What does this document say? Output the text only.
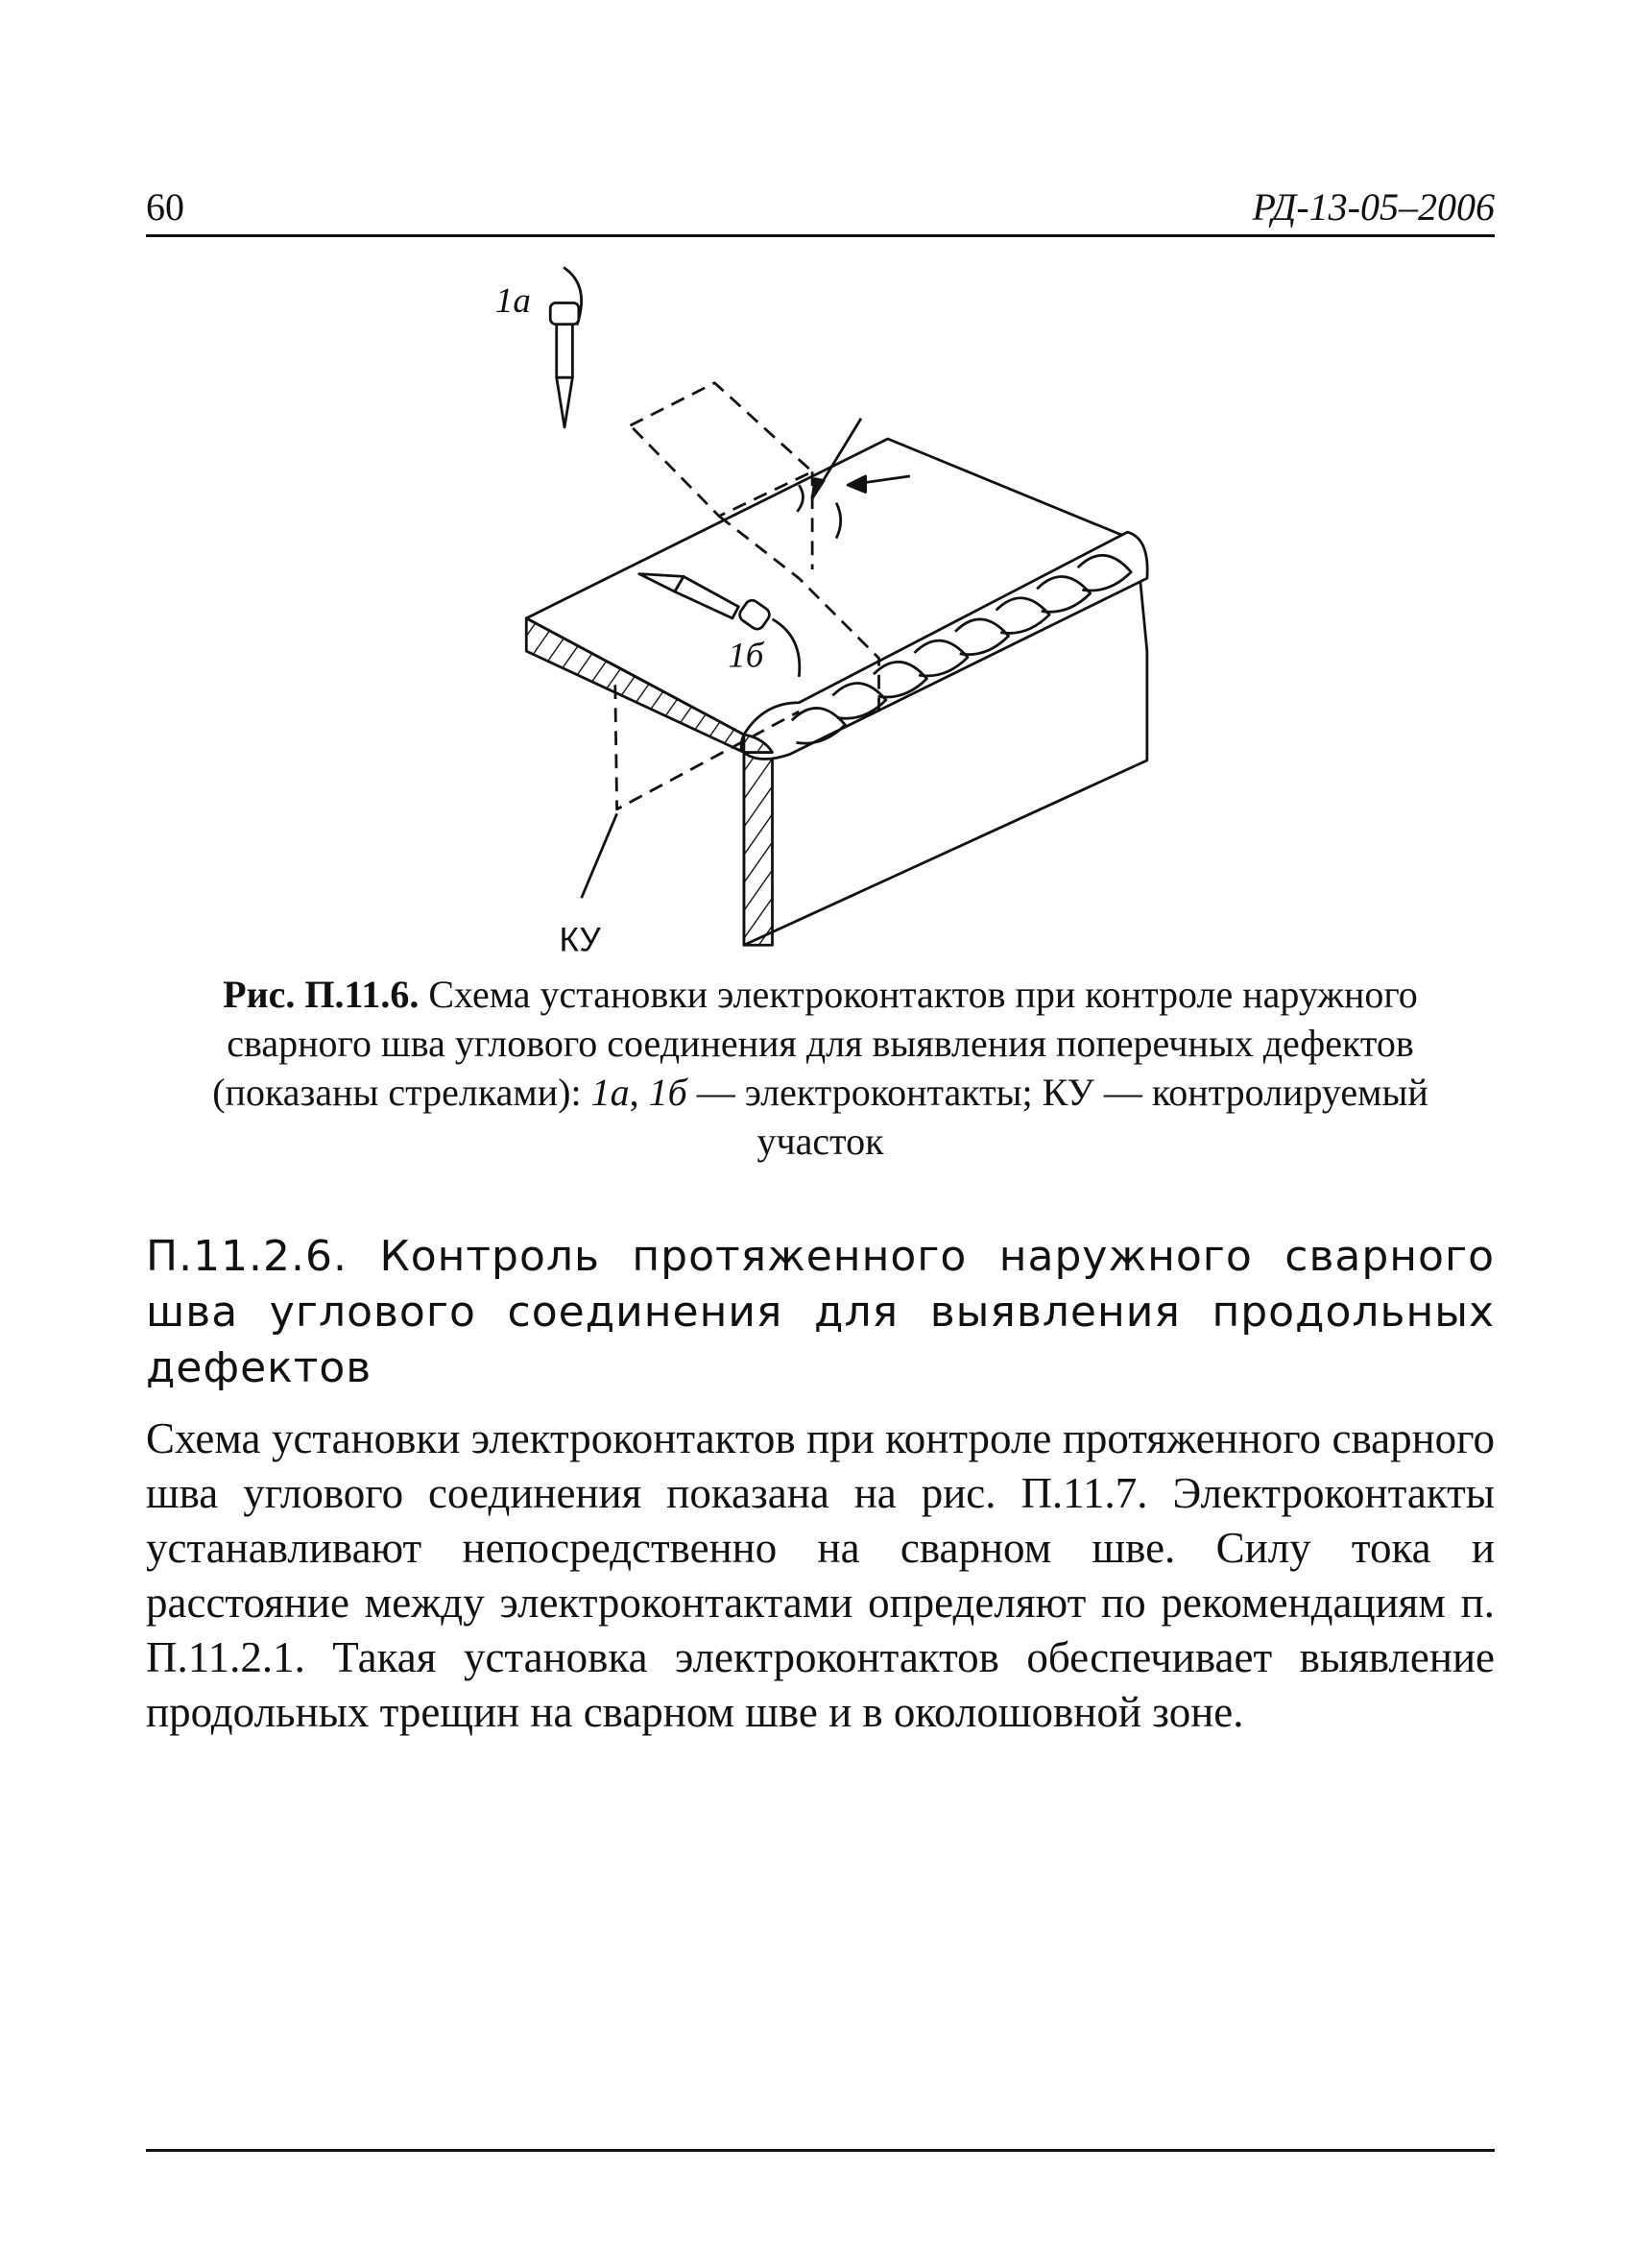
60	РД-13-05–2006
1а
1б
КУ
Рис. П.11.6. Схема установки электроконтактов при контроле наружного сварного шва углового соединения для выявления поперечных дефектов (показаны стрелками): 1а, 1б — электроконтакты; КУ — контролируемый участок
П.11.2.6. Контроль протяженного наружного сварного шва углового соединения для выявления продольных дефектов
Схема установки электроконтактов при контроле протяженного сварного шва углового соединения показана на рис. П.11.7. Электроконтакты устанавливают непосредственно на сварном шве. Силу тока и расстояние между электроконтактами определяют по рекомендациям п. П.11.2.1. Такая установка электроконтактов обеспечивает выявление продольных трещин на сварном шве и в околошовной зоне.
